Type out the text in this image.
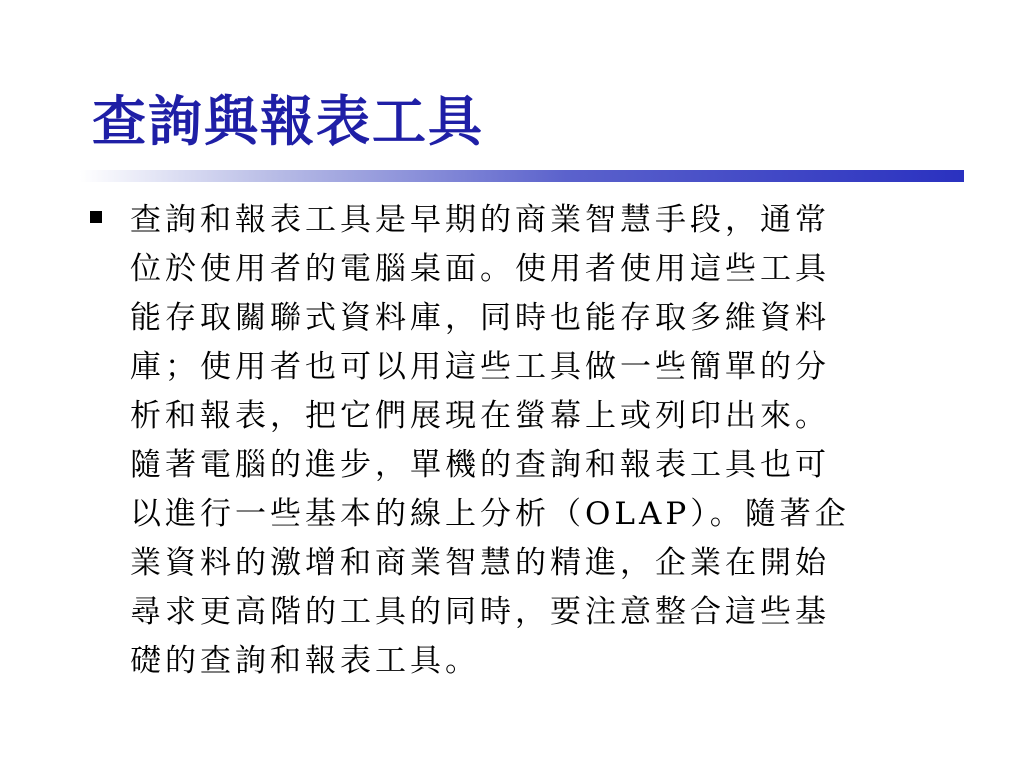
查詢與報表工具
查詢和報表工具是早期的商業智慧手段，通常
位於使用者的電腦桌面。使用者使用這些工具
能存取關聯式資料庫，同時也能存取多維資料
庫；使用者也可以用這些工具做一些簡單的分
析和報表，把它們展現在螢幕上或列印出來。
隨著電腦的進步，單機的查詢和報表工具也可
以進行一些基本的線上分析（OLAP）。隨著企
業資料的激增和商業智慧的精進，企業在開始
尋求更高階的工具的同時，要注意整合這些基
礎的查詢和報表工具。
